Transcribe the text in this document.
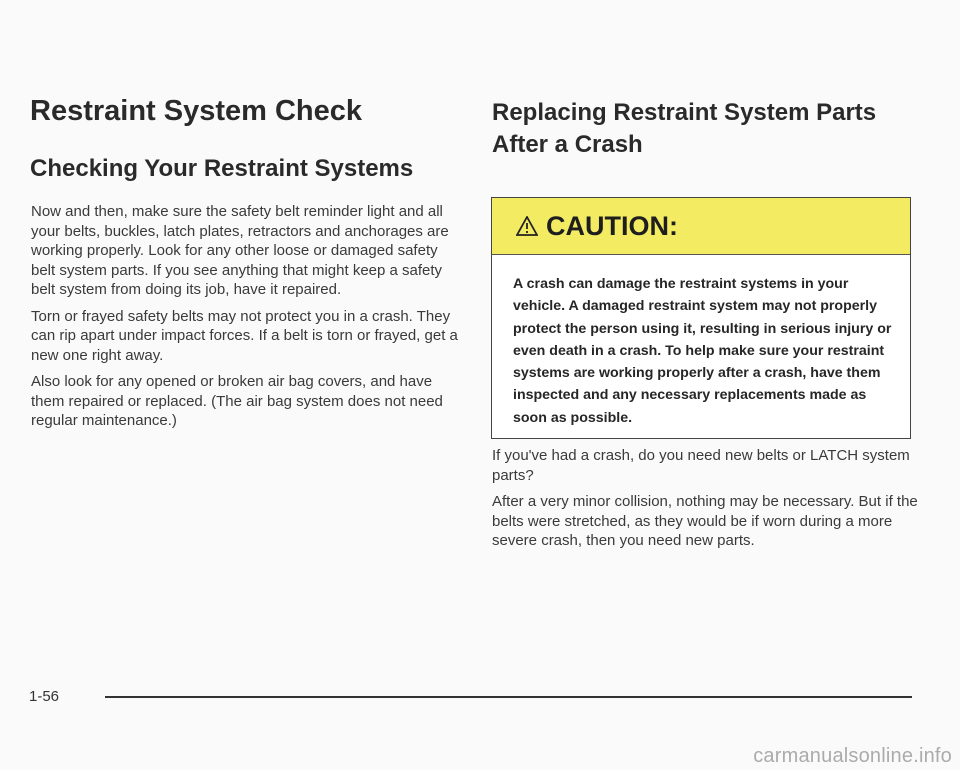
Restraint System Check
Checking Your Restraint Systems

Now and then, make sure the safety belt reminder light and all your belts, buckles, latch plates, retractors and anchorages are working properly. Look for any other loose or damaged safety belt system parts. If you see anything that might keep a safety belt system from doing its job, have it repaired.

Torn or frayed safety belts may not protect you in a crash. They can rip apart under impact forces. If a belt is torn or frayed, get a new one right away.

Also look for any opened or broken air bag covers, and have them repaired or replaced. (The air bag system does not need regular maintenance.)

Replacing Restraint System Parts After a Crash
CAUTION:
A crash can damage the restraint systems in your vehicle. A damaged restraint system may not properly protect the person using it, resulting in serious injury or even death in a crash. To help make sure your restraint systems are working properly after a crash, have them inspected and any necessary replacements made as soon as possible.

If you've had a crash, do you need new belts or LATCH system parts?

After a very minor collision, nothing may be necessary. But if the belts were stretched, as they would be if worn during a more severe crash, then you need new parts.

1-56
carmanualsonline.info
